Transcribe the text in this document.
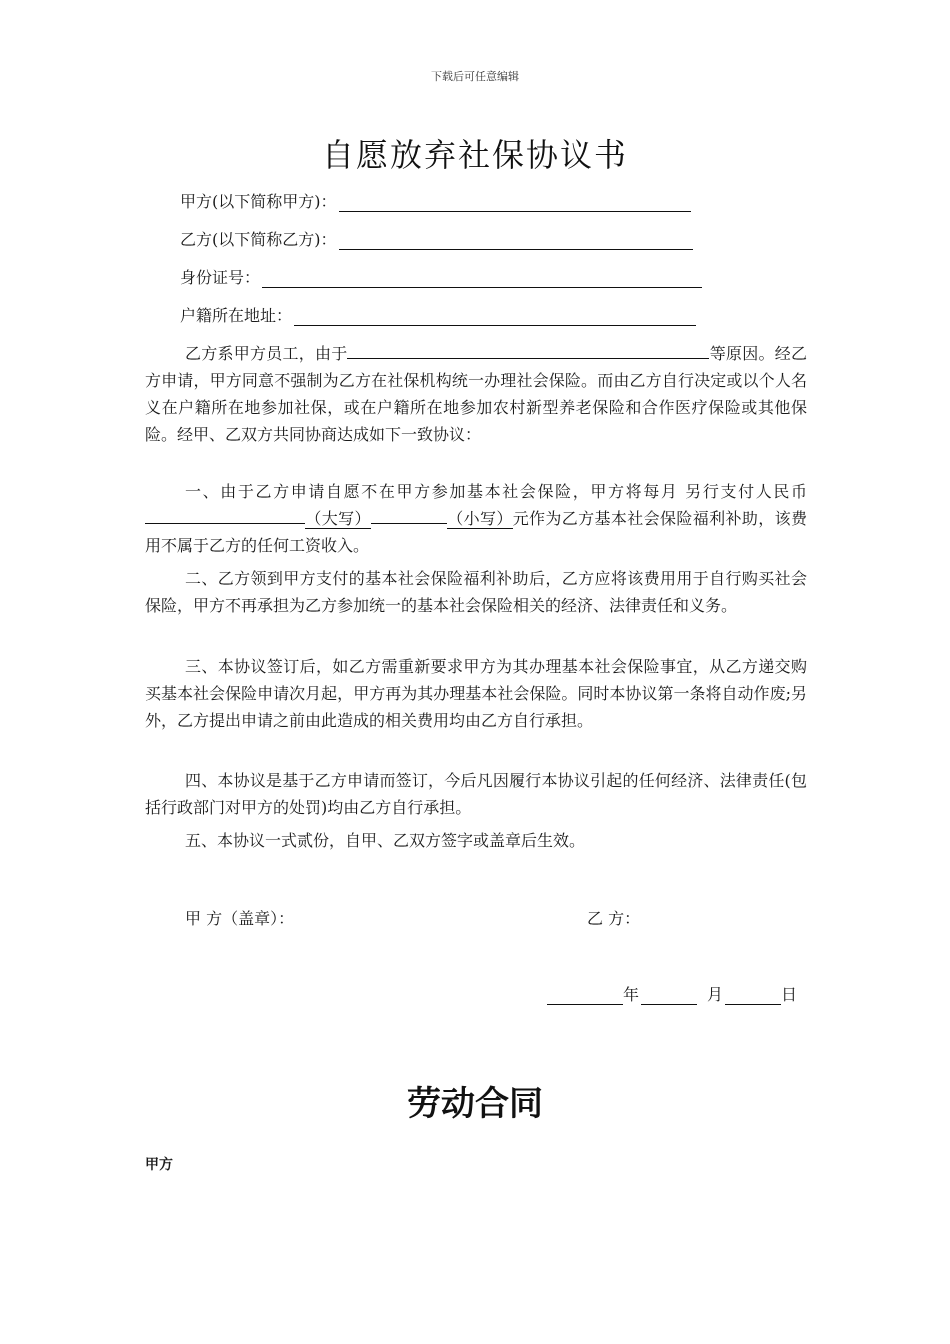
下载后可任意编辑
自愿放弃社保协议书
甲方(以下简称甲方)：
乙方(以下简称乙方)：
身份证号：
户籍所在地址：

乙方系甲方员工，由于	等原因。经乙方申请，甲方同意不强制为乙方在社保机构统一办理社会保险。而由乙方自行决定或以个人名义在户籍所在地参加社保，或在户籍所在地参加农村新型养老保险和合作医疗保险或其他保险。经甲、乙双方共同协商达成如下一致协议：

一、由于乙方申请自愿不在甲方参加基本社会保险，甲方将每月 另行支付人民币（大写）	（小写）元作为乙方基本社会保险福利补助，该费用不属于乙方的任何工资收入。

二、乙方领到甲方支付的基本社会保险福利补助后，乙方应将该费用用于自行购买社会保险，甲方不再承担为乙方参加统一的基本社会保险相关的经济、法律责任和义务。

三、本协议签订后，如乙方需重新要求甲方为其办理基本社会保险事宜，从乙方递交购买基本社会保险申请次月起，甲方再为其办理基本社会保险。同时本协议第一条将自动作废;另外，乙方提出申请之前由此造成的相关费用均由乙方自行承担。

四、本协议是基于乙方申请而签订，今后凡因履行本协议引起的任何经济、法律责任(包括行政部门对甲方的处罚)均由乙方自行承担。

五、本协议一式贰份，自甲、乙双方签字或盖章后生效。

甲 方（盖章）：	乙 方：
年	月	日
劳动合同
甲方
